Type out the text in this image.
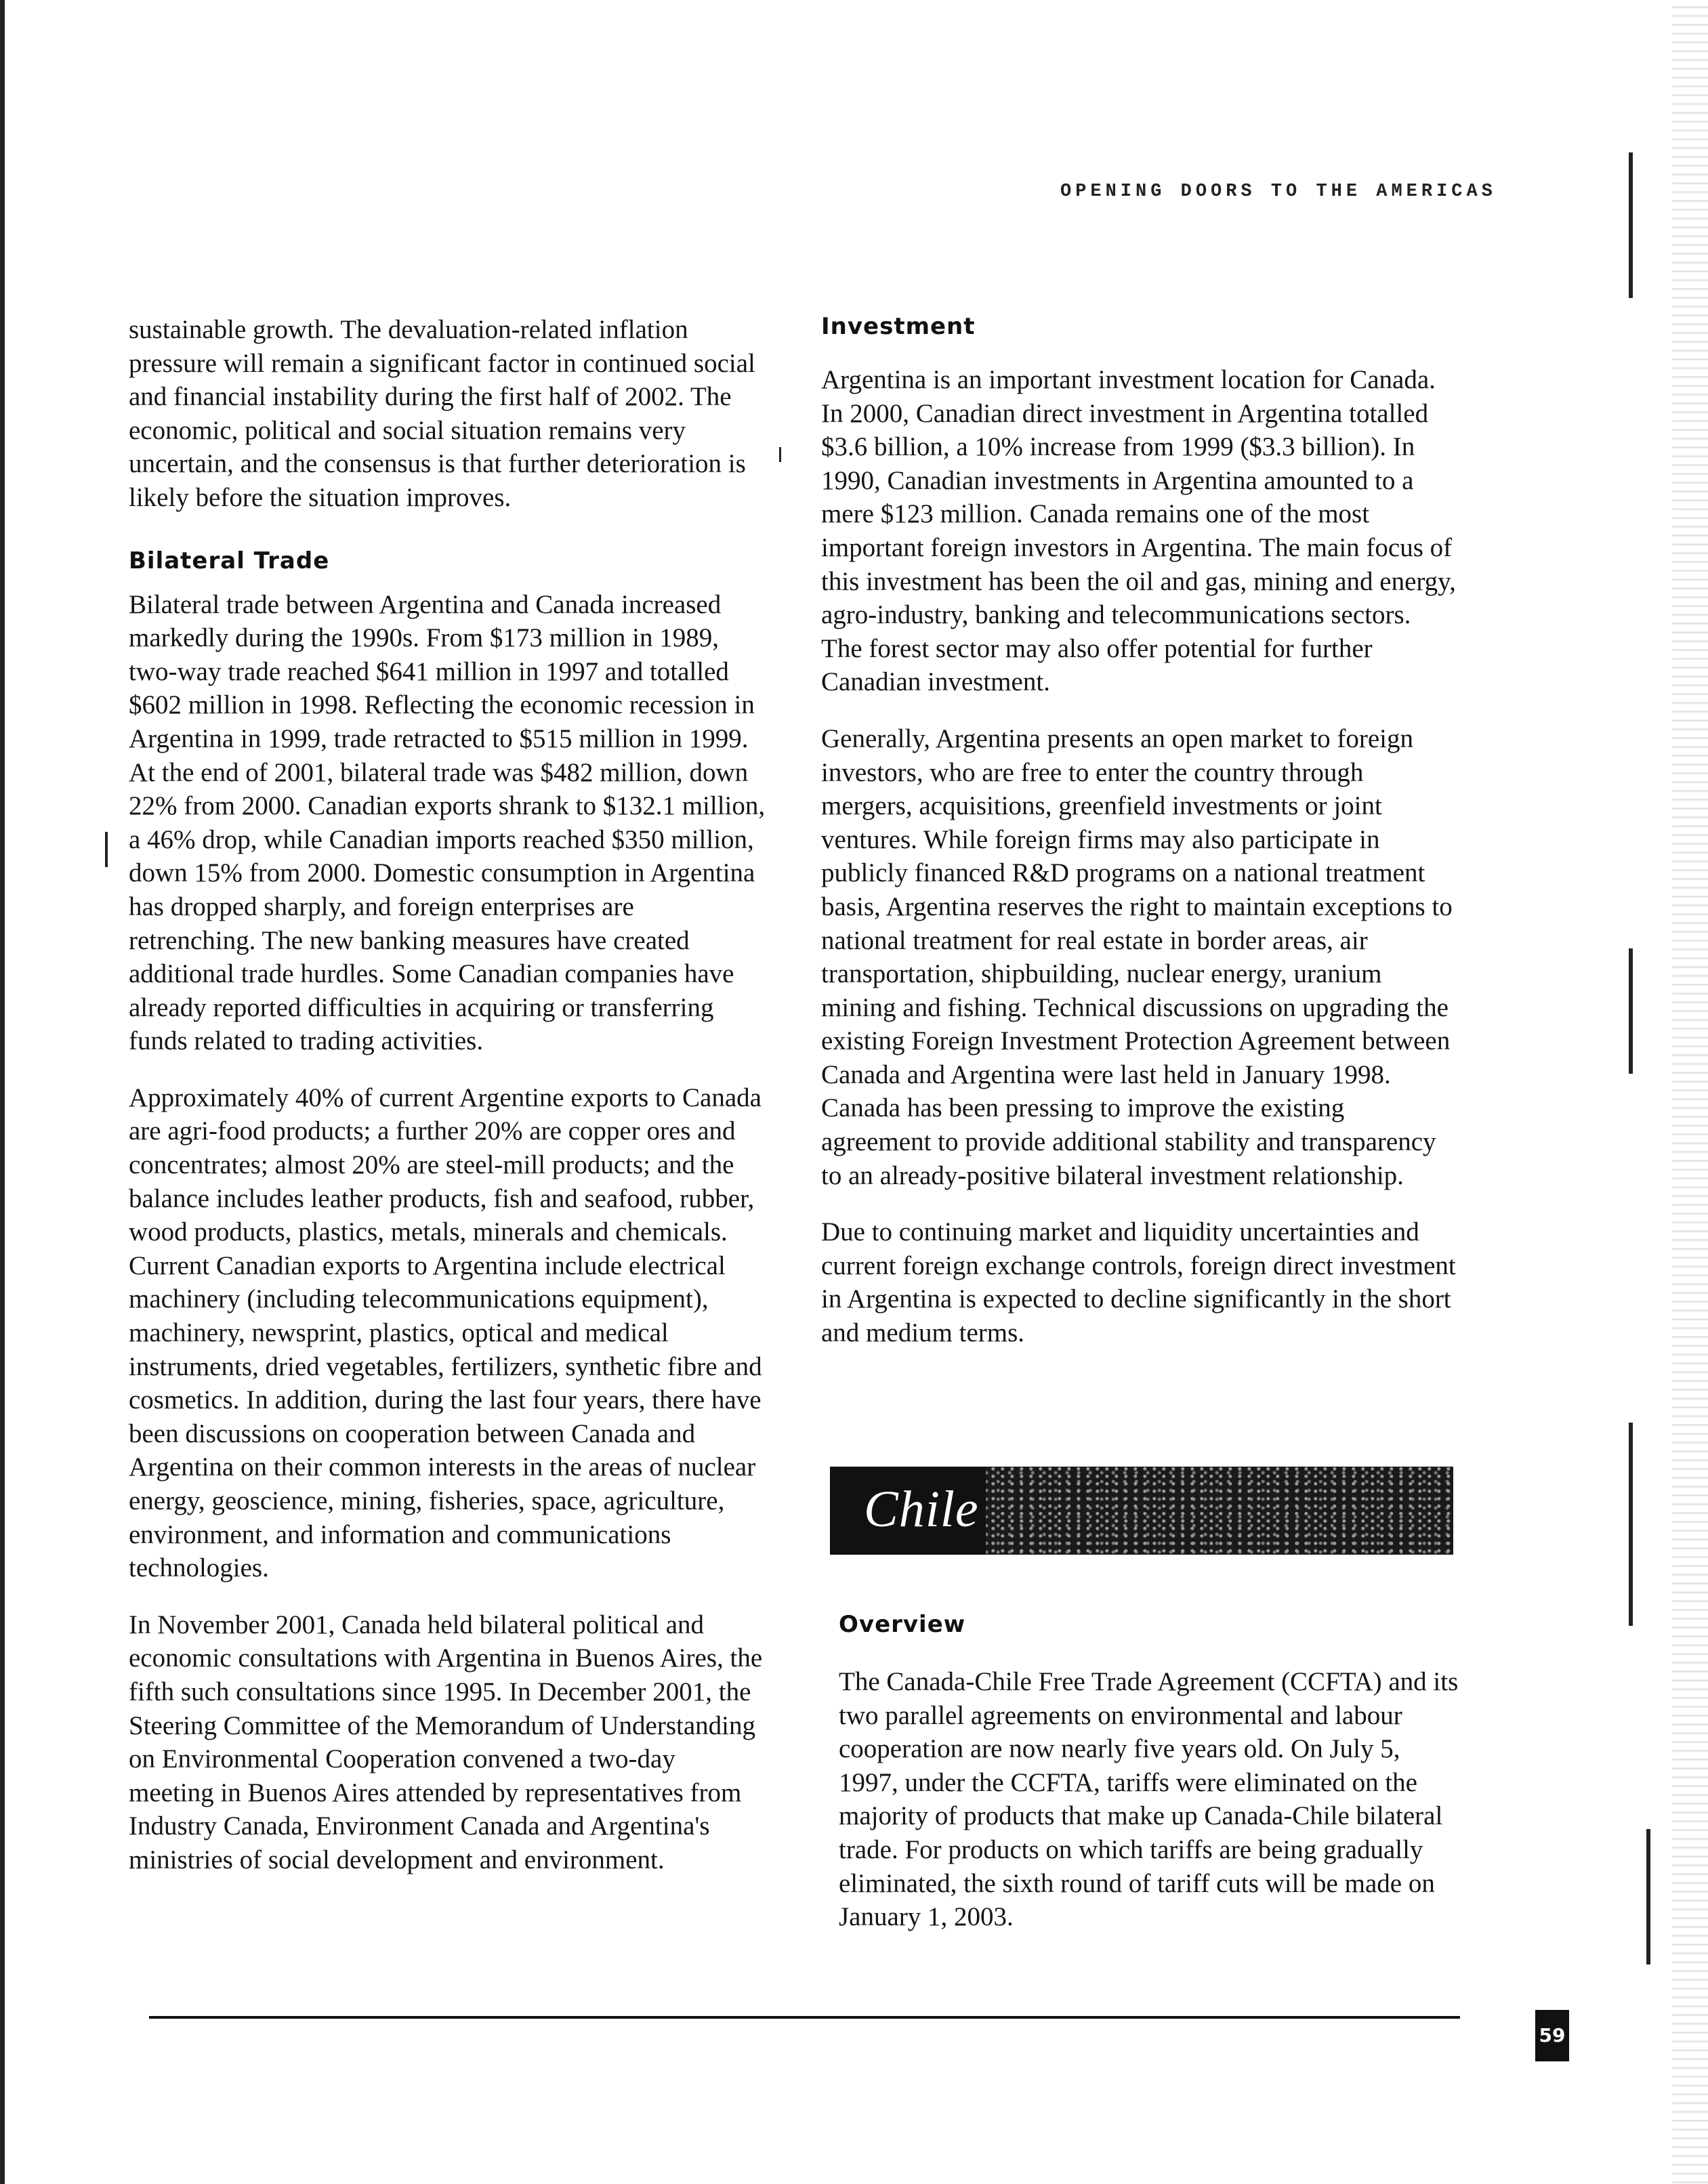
OPENING DOORS TO THE AMERICAS

sustainable growth. The devaluation-related inflation pressure will remain a significant factor in continued social and financial instability during the first half of 2002. The economic, political and social situation remains very uncertain, and the consensus is that further deterioration is likely before the situation improves.

Bilateral Trade

Bilateral trade between Argentina and Canada increased markedly during the 1990s. From $173 million in 1989, two-way trade reached $641 million in 1997 and totalled $602 million in 1998. Reflecting the economic recession in Argentina in 1999, trade retracted to $515 million in 1999. At the end of 2001, bilateral trade was $482 million, down 22% from 2000. Canadian exports shrank to $132.1 million, a 46% drop, while Canadian imports reached $350 million, down 15% from 2000. Domestic consumption in Argentina has dropped sharply, and foreign enterprises are retrenching. The new banking measures have created additional trade hurdles. Some Canadian companies have already reported difficulties in acquiring or transferring funds related to trading activities.

Approximately 40% of current Argentine exports to Canada are agri-food products; a further 20% are copper ores and concentrates; almost 20% are steel-mill products; and the balance includes leather products, fish and seafood, rubber, wood products, plastics, metals, minerals and chemicals. Current Canadian exports to Argentina include electrical machinery (including telecommunications equipment), machinery, newsprint, plastics, optical and medical instruments, dried vegetables, fertilizers, synthetic fibre and cosmetics. In addition, during the last four years, there have been discussions on cooperation between Canada and Argentina on their common interests in the areas of nuclear energy, geoscience, mining, fisheries, space, agriculture, environment, and information and communications technologies.

In November 2001, Canada held bilateral political and economic consultations with Argentina in Buenos Aires, the fifth such consultations since 1995. In December 2001, the Steering Committee of the Memorandum of Understanding on Environmental Cooperation convened a two-day meeting in Buenos Aires attended by representatives from Industry Canada, Environment Canada and Argentina's ministries of social development and environment.

Investment

Argentina is an important investment location for Canada. In 2000, Canadian direct investment in Argentina totalled $3.6 billion, a 10% increase from 1999 ($3.3 billion). In 1990, Canadian investments in Argentina amounted to a mere $123 million. Canada remains one of the most important foreign investors in Argentina. The main focus of this investment has been the oil and gas, mining and energy, agro-industry, banking and telecommunications sectors. The forest sector may also offer potential for further Canadian investment.

Generally, Argentina presents an open market to foreign investors, who are free to enter the country through mergers, acquisitions, greenfield investments or joint ventures. While foreign firms may also participate in publicly financed R&D programs on a national treatment basis, Argentina reserves the right to maintain exceptions to national treatment for real estate in border areas, air transportation, shipbuilding, nuclear energy, uranium mining and fishing. Technical discussions on upgrading the existing Foreign Investment Protection Agreement between Canada and Argentina were last held in January 1998. Canada has been pressing to improve the existing agreement to provide additional stability and transparency to an already-positive bilateral investment relationship.

Due to continuing market and liquidity uncertainties and current foreign exchange controls, foreign direct investment in Argentina is expected to decline significantly in the short and medium terms.

Chile
Overview

The Canada-Chile Free Trade Agreement (CCFTA) and its two parallel agreements on environmental and labour cooperation are now nearly five years old. On July 5, 1997, under the CCFTA, tariffs were eliminated on the majority of products that make up Canada-Chile bilateral trade. For products on which tariffs are being gradually eliminated, the sixth round of tariff cuts will be made on January 1, 2003.

59
